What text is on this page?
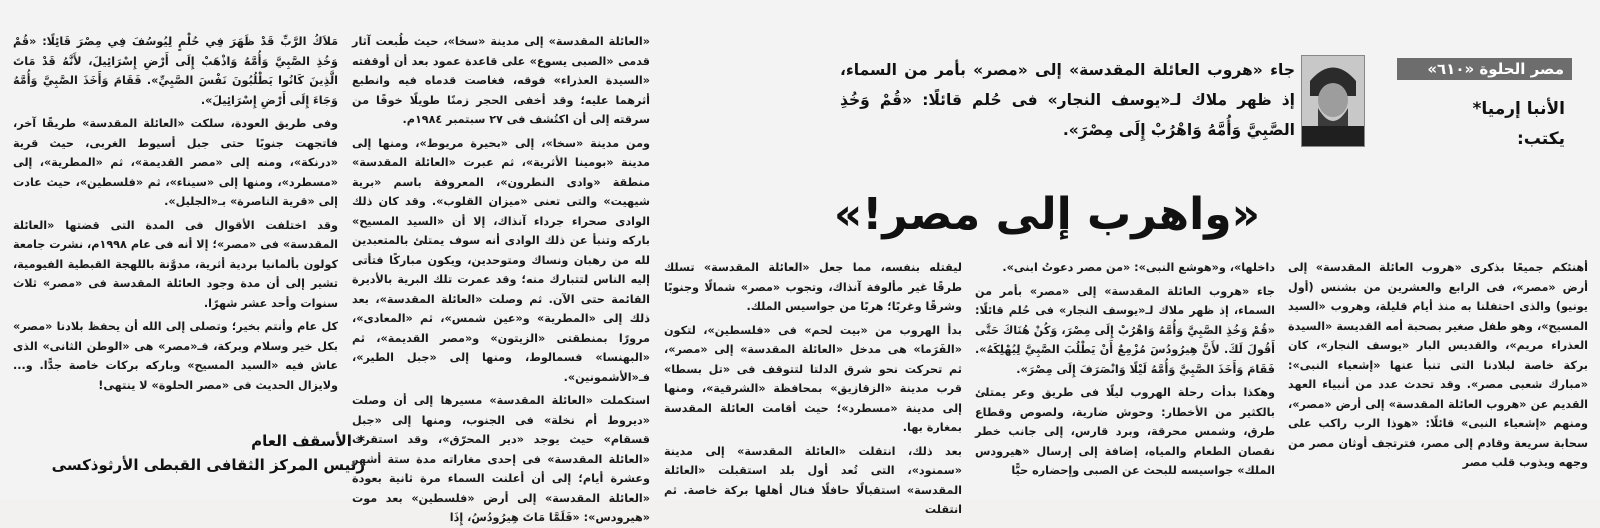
مصر الحلوة «٦١٠»
الأنبا إرميا*
يكتب:
جاء «هروب العائلة المقدسة» إلى «مصر» بأمر من السماء، إذ ظهر ملاك لـ«يوسف النجار» فى حُلم قائلًا: «قُمْ وَخُذِ الصَّبِيَّ وَأُمَّهُ وَاهْرُبْ إِلَى مِصْرَ».
«واهرب إلى مصر!»

أهنئكم جميعًا بذكرى «هروب العائلة المقدسة» إلى أرض «مصر»، فى الرابع والعشرين من بشنس (أول يونيو) والذى احتفلنا به منذ أيام قليلة، وهروب «السيد المسيح»، وهو طفل صغير بصحبة أمه القديسة «السيدة العذراء مريم»، والقديس البار «يوسف النجار»، كان بركة خاصة لبلادنا التى تنبأ عنها «إشعياء النبى»: «مبارك شعبى مصر». وقد تحدث عدد من أنبياء العهد القديم عن «هروب العائلة المقدسة» إلى أرض «مصر»، ومنهم «إشعياء النبى» قائلًا: «هوذا الرب راكب على سحابة سريعة وقادم إلى مصر، فترتجف أوثان مصر من وجهه ويذوب قلب مصر

داخلها»، و«هوشع النبى»: «من مصر دعوتُ ابنى».

جاء «هروب العائلة المقدسة» إلى «مصر» بأمر من السماء، إذ ظهر ملاك لـ«يوسف النجار» فى حُلم قائلًا: «قُمْ وَخُذِ الصَّبِيَّ وَأُمَّهُ وَاهْرُبْ إِلَى مِصْرَ، وَكُنْ هُنَاكَ حَتَّى أَقُولَ لَكَ. لأَنَّ هِيرُودُسَ مُزْمِعٌ أَنْ يَطْلُبَ الصَّبِيَّ لِيُهْلِكَهُ». فَقَامَ وَأَخَذَ الصَّبِيَّ وَأُمَّهُ لَيْلًا وَانْصَرَفَ إِلَى مِصْرَ».

وهكذا بدأت رحلة الهروب ليلًا فى طريق وعر يمتلئ بالكثير من الأخطار: وحوش ضارية، ولصوص وقطاع طرق، وشمس محرقة، وبرد قارس، إلى جانب خطر نقصان الطعام والمياه، إضافة إلى إرسال «هيرودس الملك» جواسيسه للبحث عن الصبى وإحضاره حيًّا

ليقتله بنفسه، مما جعل «العائلة المقدسة» تسلك طرقًا غير مألوفة آنذاك، وتجوب «مصر» شمالًا وجنوبًا وشرقًا وغربًا؛ هربًا من جواسيس الملك.

بدأ الهروب من «بيت لحم» فى «فلسطين»، لتكون «الفَرَما» هى مدخل «العائلة المقدسة» إلى «مصر»، ثم تحركت نحو شرق الدلتا لتتوقف فى «تل بسطا» قرب مدينة «الزقازيق» بمحافظة «الشرقية»، ومنها إلى مدينة «مسطرد»؛ حيث أقامت العائلة المقدسة بمغارة بها.

بعد ذلك، انتقلت «العائلة المقدسة» إلى مدينة «سمنود»، التى تُعد أول بلد استقبلت «العائلة المقدسة» استقبالًا حافلًا فنال أهلها بركة خاصة. ثم انتقلت

«العائلة المقدسة» إلى مدينة «سخا»، حيث طُبعت آثار قدمى «الصبى يسوع» على قاعدة عمود بعد أن أوقفته «السيدة العذراء» فوقه، فغاصت قدماه فيه وانطبع أثرهما عليه؛ وقد أخفى الحجر زمنًا طويلًا خوفًا من سرقته إلى أن اكتُشف فى ٢٧ سبتمبر ١٩٨٤م.

ومن مدينة «سخا»، إلى «بحيرة مريوط»، ومنها إلى مدينة «بومينا الأثرية»، ثم عبرت «العائلة المقدسة» منطقة «وادى النطرون»، المعروفة باسم «برية شيهيت» والتى تعنى «ميزان القلوب». وقد كان ذلك الوادى صحراء جرداء آنذاك، إلا أن «السيد المسيح» باركه وتنبأ عن ذلك الوادى أنه سوف يمتلئ بالمتعبدين لله من رهبان ونساك ومتوحدين، ويكون مباركًا فتأتى إليه الناس لتتبارك منه؛ وقد عمرت تلك البرية بالأديرة القائمة حتى الآن. ثم وصلت «العائلة المقدسة»، بعد ذلك إلى «المطرية» و«عين شمس»، ثم «المعادى»، مرورًا بمنطقتى «الزيتون» و«مصر القديمة»، ثم «البهنسا» فسمالوط، ومنها إلى «جبل الطير»، فـ«الأشمونين».

استكملت «العائلة المقدسة» مسيرها إلى أن وصلت «ديروط أم نخلة» فى الجنوب، ومنها إلى «جبل قسقام» حيث يوجد «دير المحرّق»، وقد استقرت «العائلة المقدسة» فى إحدى مغاراته مدة ستة أشهر وعشرة أيام؛ إلى أن أعلنت السماء مرة ثانية بعودة «العائلة المقدسة» إلى أرض «فلسطين» بعد موت «هيرودس»: «فَلَمَّا مَاتَ هِيرُودُسُ، إِذَا

مَلاَكُ الرَّبِّ قَدْ ظَهَرَ فِي حُلْمٍ لِيُوسُفَ فِي مِصْرَ قَائِلًا: «قُمْ وَخُذِ الصَّبِيَّ وَأُمَّهُ وَاذْهَبْ إِلَى أَرْضِ إِسْرَائِيلَ، لأَنَّهُ قَدْ مَاتَ الَّذِينَ كَانُوا يَطْلُبُونَ نَفْسَ الصَّبِيِّ». فَقَامَ وَأَخَذَ الصَّبِيَّ وَأُمَّهُ وَجَاءَ إِلَى أَرْضِ إِسْرَائِيلَ».

وفى طريق العودة، سلكت «العائلة المقدسة» طريقًا آخر، فاتجهت جنوبًا حتى جبل أسيوط الغربى، حيث قرية «درنكة»، ومنه إلى «مصر القديمة»، ثم «المطرية»، إلى «مسطرد»، ومنها إلى «سيناء»، ثم «فلسطين»، حيث عادت إلى «قرية الناصرة» بـ«الجليل».

وقد اختلفت الأقوال فى المدة التى قضتها «العائلة المقدسة» فى «مصر»؛ إلا أنه فى عام ١٩٩٨م، نشرت جامعة كولون بألمانيا بردية أثرية، مدوَّنة باللهجة القبطية الفيومية، تشير إلى أن مدة وجود العائلة المقدسة فى «مصر» ثلاث سنوات وأحد عشر شهرًا.

كل عام وأنتم بخير؛ وتصلى إلى الله أن يحفظ بلادنا «مصر» بكل خير وسلام وبركة، فـ«مصر» هى «الوطن الثانى» الذى عاش فيه «السيد المسيح» وباركه بركات خاصة جدًّا. و... ولايزال الحديث فى «مصر الحلوة» لا ينتهى!

* الأسقف العام
رئيس المركز الثقافى القبطى الأرثوذكسى
